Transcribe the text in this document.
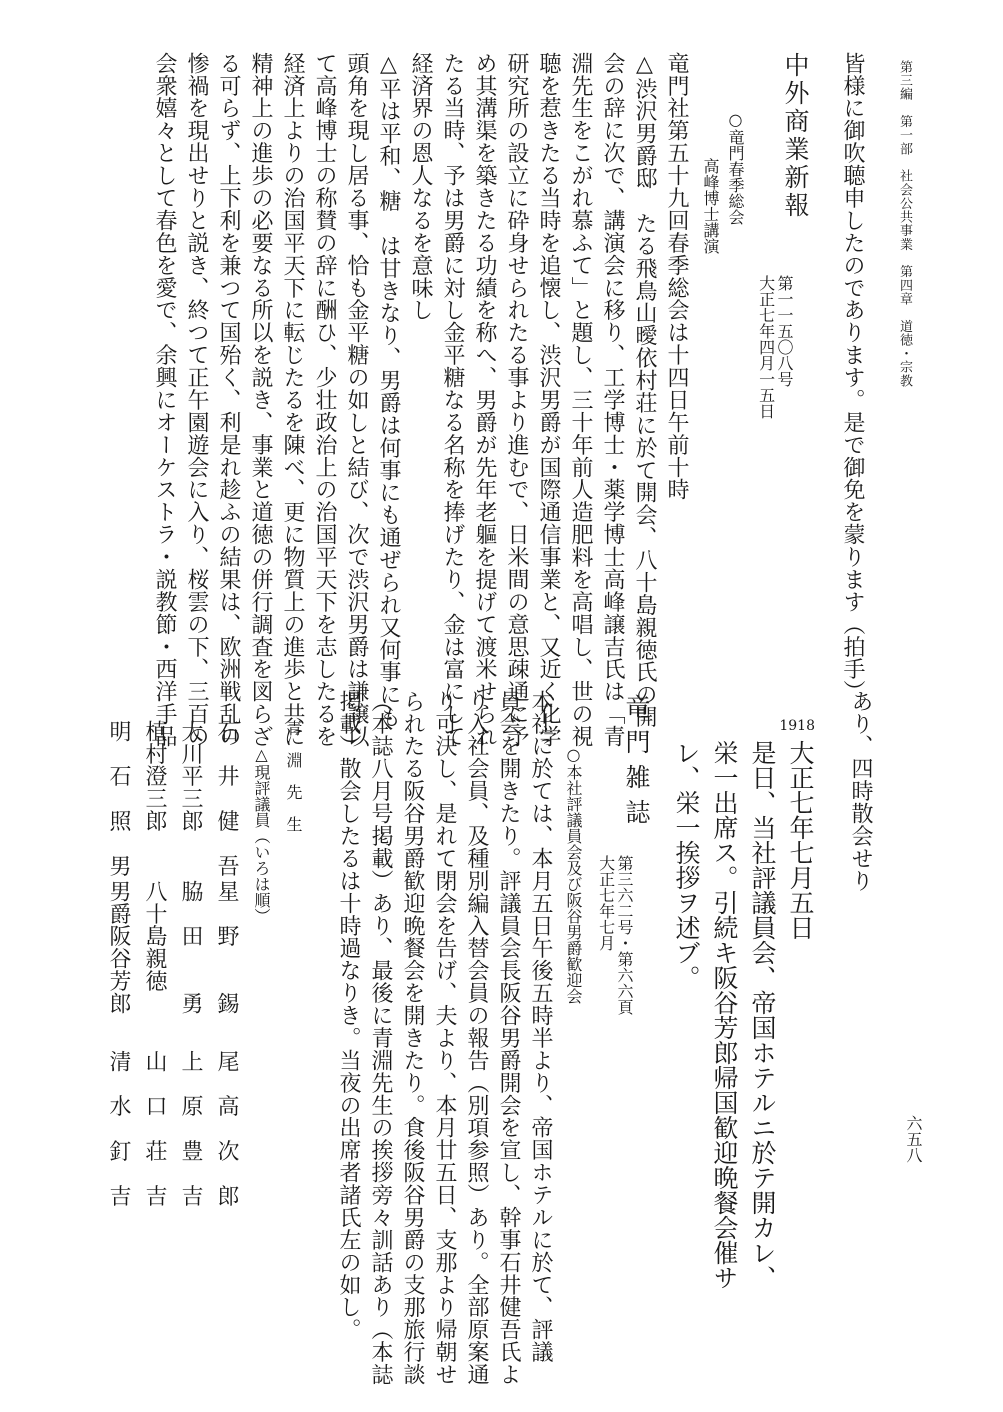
第三編　第一部　社会公共事業　第四章　道徳・宗教
六五八
皆様に御吹聴申したのであります。是で御免を蒙ります（拍手）
中外商業新報
第一一五〇八号
大正七年四月一五日
○竜門春季総会
高峰博士講演
竜門社第五十九回春季総会は十四日午前十時
△渋沢男爵邸　たる飛鳥山曖依村荘に於て開会、八十島親徳氏の開
会の辞に次で、講演会に移り、工学博士・薬学博士高峰譲吉氏は「青
淵先生をこがれ慕ふて」と題し、三十年前人造肥料を高唱し、世の視
聴を惹きたる当時を追懐し、渋沢男爵が国際通信事業と、又近く化学
研究所の設立に砕身せられたる事より進むで、日米間の意思疎通に予
め其溝渠を築きたる功績を称へ、男爵が先年老軀を提げて渡米せられ
たる当時、予は男爵に対し金平糖なる名称を捧げたり、金は富にして
経済界の恩人なるを意味し
△平は平和、糖　は甘きなり、男爵は何事にも通ぜられ又何事にも
頭角を現し居る事、恰も金平糖の如しと結び、次で渋沢男爵は謙譲以
て高峰博士の称賛の辞に酬ひ、少壮政治上の治国平天下を志したるを
経済上よりの治国平天下に転じたるを陳べ、更に物質上の進歩と共に
精神上の進歩の必要なる所以を説き、事業と道徳の併行調査を図らざ
る可らず、上下利を兼つて国殆く、利是れ趁ふの結果は、欧洲戦乱の
惨禍を現出せりと説き、終つて正午園遊会に入り、桜雲の下、三百の
会衆嬉々として春色を愛で、余興にオーケストラ・説教節・西洋手品
あり、四時散会せり
1918
大正七年七月五日
是日、当社評議員会、帝国ホテルニ於テ開カレ、
栄一出席ス。引続キ阪谷芳郎帰国歓迎晩餐会催サ
レ、栄一挨拶ヲ述ブ。
竜門雑誌
第三六二号・第六六頁
大正七年七月
○本社評議員会及び阪谷男爵歓迎会
本社に於ては、本月五日午後五時半より、帝国ホテルに於て、評議
員会を開きたり。評議員会長阪谷男爵開会を宣し、幹事石井健吾氏よ
り入社会員、及種別編入替会員の報告（別項参照）あり。全部原案通
り可決し、是れて閉会を告げ、夫より、本月廿五日、支那より帰朝せ
られたる阪谷男爵歓迎晩餐会を開きたり。食後阪谷男爵の支那旅行談
（本誌八月号掲載）あり、最後に青淵先生の挨拶旁々訓話あり（本誌
掲載）散会したるは十時過なりき。当夜の出席者諸氏左の如し。
青　淵　先　生
△現評議員（いろは順）
石　井　健　吾
星　野　　錫
尾　高　次　郎
大川平三郎
脇　田　　勇
上　原　豊　吉
植村澄三郎
八十島親徳
山　口　荘　吉
明　石　照　男
男爵阪谷芳郎
清　水　釘　吉
